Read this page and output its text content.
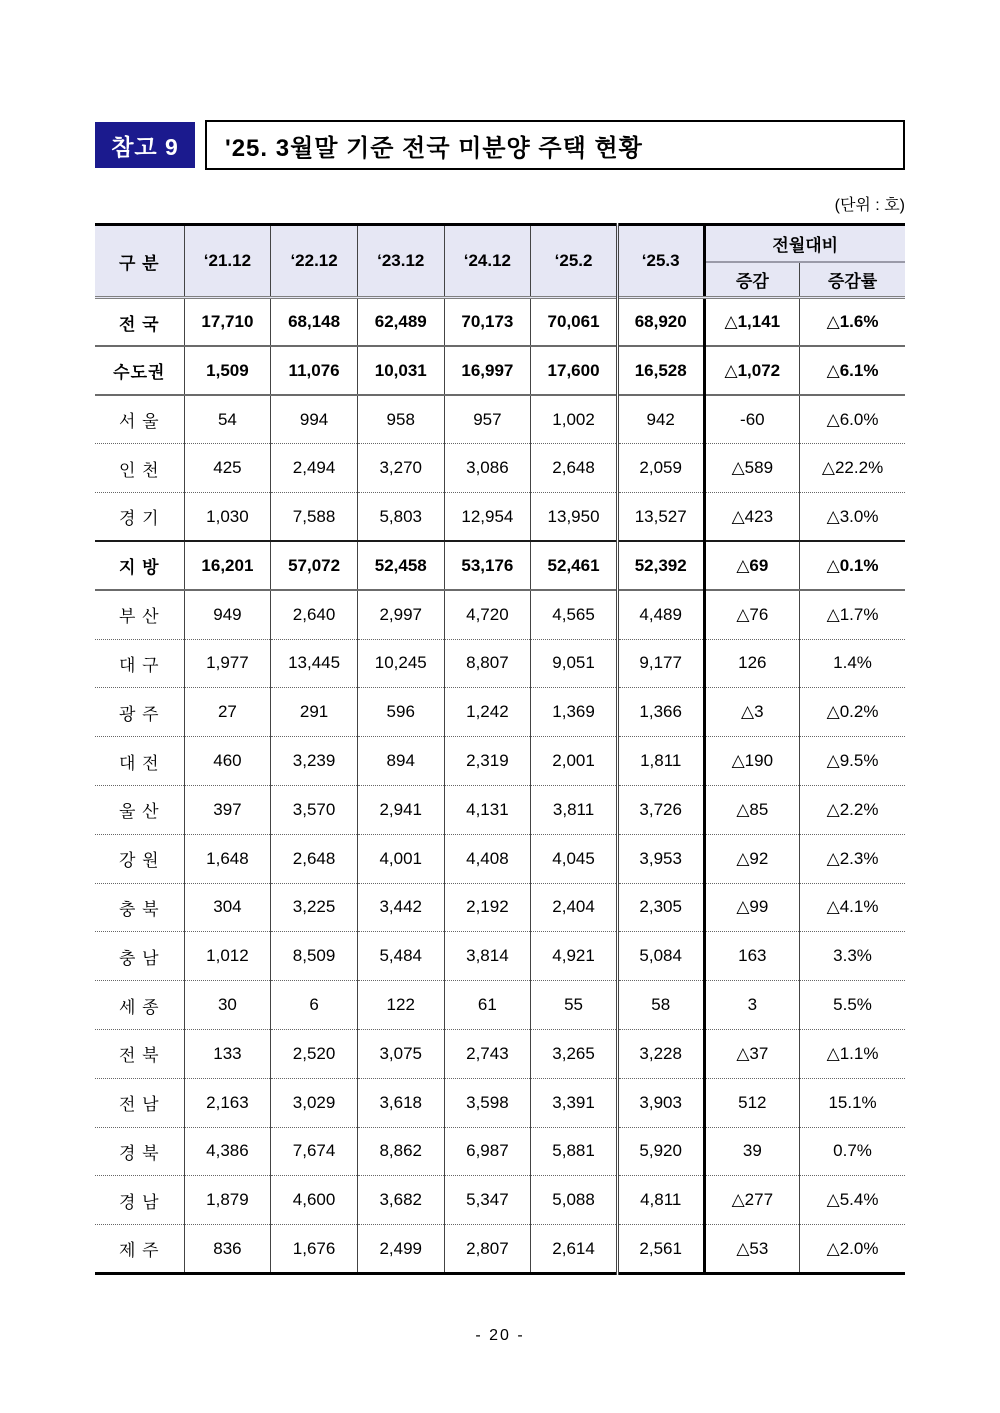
참고 9	'25. 3월말 기준 전국 미분양 주택 현황
(단위 : 호)
구 분	‘21.12	‘22.12	‘23.12	‘24.12	‘25.2	‘25.3	전월대비	
							증감	증감률
전 국	17,710	68,148	62,489	70,173	70,061	68,920	△1,141	△1.6%
수도권	1,509	11,076	10,031	16,997	17,600	16,528	△1,072	△6.1%
서 울	54	994	958	957	1,002	942	-60	△6.0%
인 천	425	2,494	3,270	3,086	2,648	2,059	△589	△22.2%
경 기	1,030	7,588	5,803	12,954	13,950	13,527	△423	△3.0%
지 방	16,201	57,072	52,458	53,176	52,461	52,392	△69	△0.1%
부 산	949	2,640	2,997	4,720	4,565	4,489	△76	△1.7%
대 구	1,977	13,445	10,245	8,807	9,051	9,177	126	1.4%
광 주	27	291	596	1,242	1,369	1,366	△3	△0.2%
대 전	460	3,239	894	2,319	2,001	1,811	△190	△9.5%
울 산	397	3,570	2,941	4,131	3,811	3,726	△85	△2.2%
강 원	1,648	2,648	4,001	4,408	4,045	3,953	△92	△2.3%
충 북	304	3,225	3,442	2,192	2,404	2,305	△99	△4.1%
충 남	1,012	8,509	5,484	3,814	4,921	5,084	163	3.3%
세 종	30	6	122	61	55	58	3	5.5%
전 북	133	2,520	3,075	2,743	3,265	3,228	△37	△1.1%
전 남	2,163	3,029	3,618	3,598	3,391	3,903	512	15.1%
경 북	4,386	7,674	8,862	6,987	5,881	5,920	39	0.7%
경 남	1,879	4,600	3,682	5,347	5,088	4,811	△277	△5.4%
제 주	836	1,676	2,499	2,807	2,614	2,561	△53	△2.0%
- 20 -
